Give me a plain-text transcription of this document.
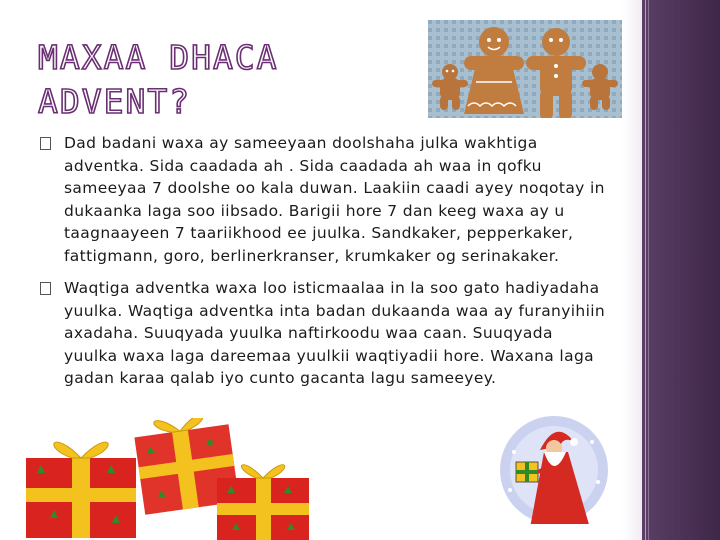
MAXAA DHACA ADVENT?
Dad badani waxa ay sameeyaan doolshaha julka wakhtiga adventka. Sida caadada ah . Sida caadada ah waa in qofku sameeyaa 7 doolshe oo kala duwan. Laakiin caadi ayey noqotay in dukaanka laga soo iibsado. Barigii hore 7 dan keeg waxa ay u taagnaayeen 7 taariikhood ee juulka. Sandkaker, pepperkaker, fattigmann, goro, berlinerkranser, krumkaker og serinakaker.
Waqtiga adventka waxa loo isticmaalaa in la soo gato hadiyadaha yuulka. Waqtiga adventka inta badan dukaanda waa ay furanyihiin axadaha. Suuqyada yuulka naftirkoodu waa caan. Suuqyada yuulka waxa laga dareemaa yuulkii waqtiyadii hore. Waxana laga gadan karaa qalab iyo cunto gacanta lagu sameeyey.
